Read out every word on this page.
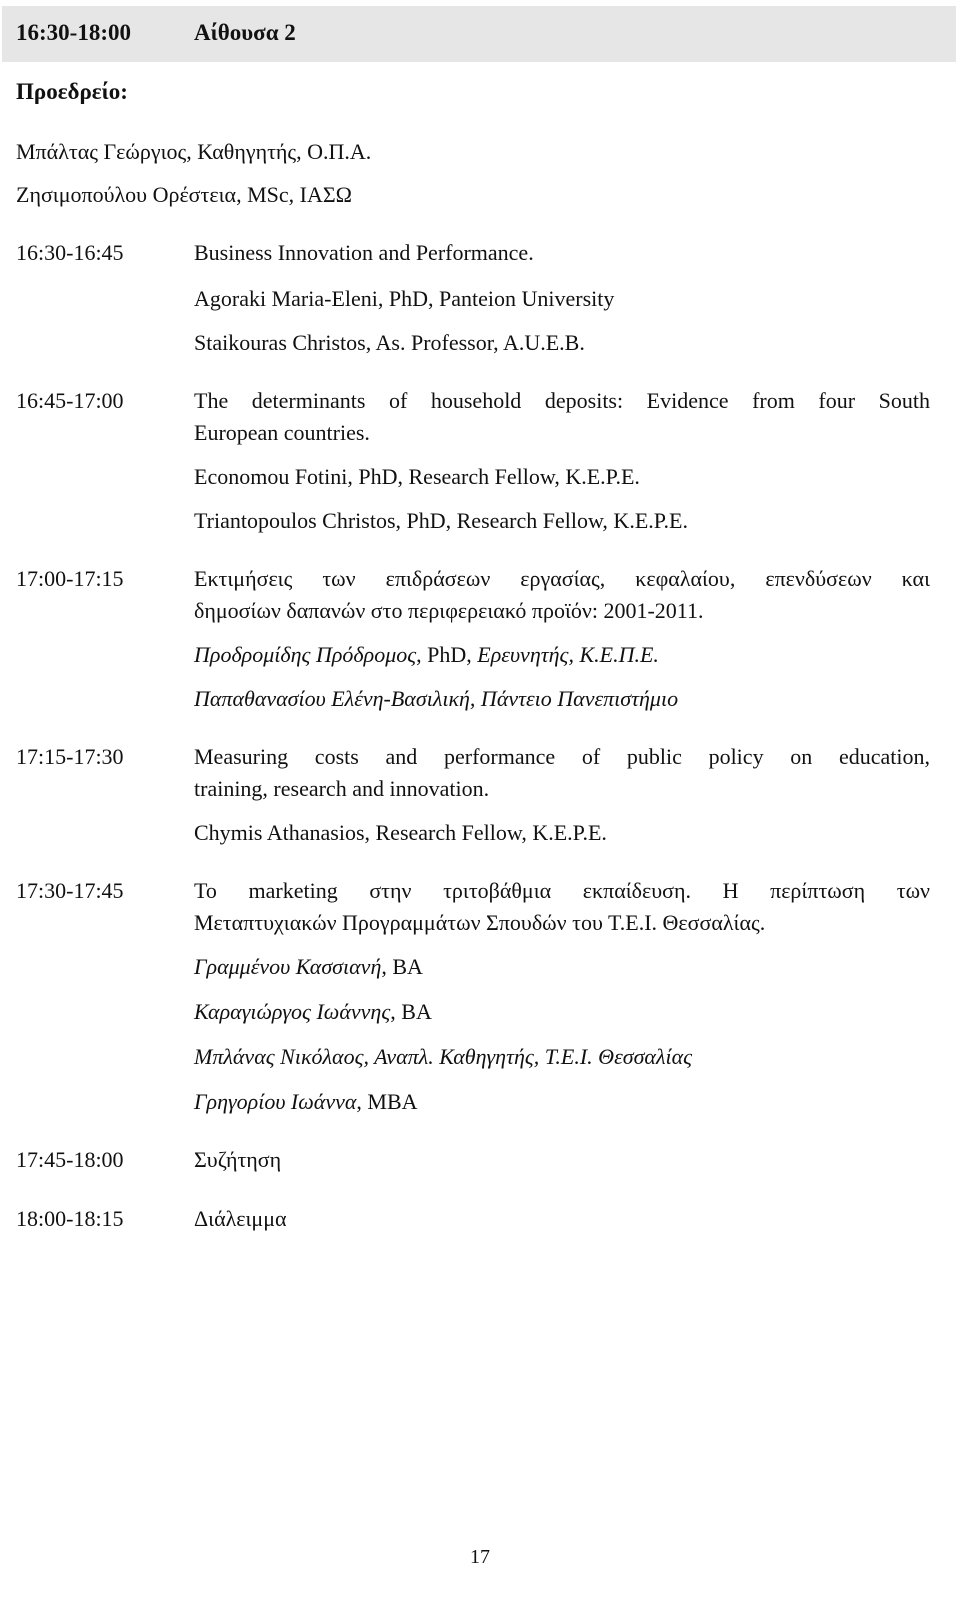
16:30-18:00	Αίθουσα 2
Προεδρείο:
Μπάλτας Γεώργιος, Καθηγητής, Ο.Π.Α.
Ζησιμοπούλου Ορέστεια, MSc, ΙΑΣΩ
16:30-16:45	Business Innovation and Performance.
Agoraki Maria-Eleni, PhD, Panteion University
Staikouras Christos, As. Professor, A.U.E.B.
16:45-17:00	The determinants of household deposits: Evidence from four South
European countries.
Economou Fotini, PhD, Research Fellow, K.E.P.E.
Triantopoulos Christos, PhD, Research Fellow, K.E.P.E.
17:00-17:15	Εκτιμήσεις των επιδράσεων εργασίας, κεφαλαίου, επενδύσεων και
δημοσίων δαπανών στο περιφερειακό προϊόν: 2001-2011.
Προδρομίδης Πρόδρομος, PhD, Ερευνητής, Κ.Ε.Π.Ε.
Παπαθανασίου Ελένη-Βασιλική, Πάντειο Πανεπιστήμιο
17:15-17:30	Measuring costs and performance of public policy on education,
training, research and innovation.
Chymis Athanasios, Research Fellow, K.E.P.E.
17:30-17:45	Το marketing στην τριτοβάθμια εκπαίδευση. Η περίπτωση των
Μεταπτυχιακών Προγραμμάτων Σπουδών του Τ.Ε.Ι. Θεσσαλίας.
Γραμμένου Κασσιανή, BA
Καραγιώργος Ιωάννης, BA
Μπλάνας Νικόλαος, Αναπλ. Καθηγητής, Τ.Ε.Ι. Θεσσαλίας
Γρηγορίου Ιωάννα, MBA
17:45-18:00	Συζήτηση
18:00-18:15	Διάλειμμα
17
